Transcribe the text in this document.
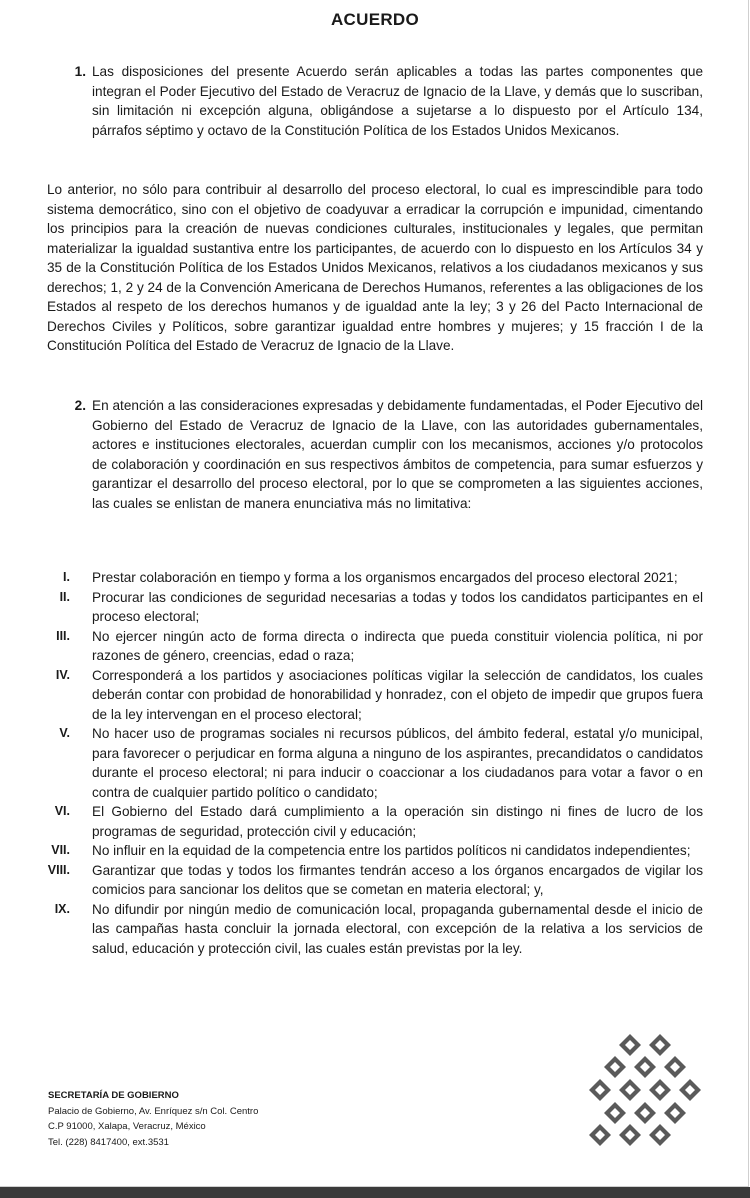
ACUERDO
1. Las disposiciones del presente Acuerdo serán aplicables a todas las partes componentes que integran el Poder Ejecutivo del Estado de Veracruz de Ignacio de la Llave, y demás que lo suscriban, sin limitación ni excepción alguna, obligándose a sujetarse a lo dispuesto por el Artículo 134, párrafos séptimo y octavo de la Constitución Política de los Estados Unidos Mexicanos.
Lo anterior, no sólo para contribuir al desarrollo del proceso electoral, lo cual es imprescindible para todo sistema democrático, sino con el objetivo de coadyuvar a erradicar la corrupción e impunidad, cimentando los principios para la creación de nuevas condiciones culturales, institucionales y legales, que permitan materializar la igualdad sustantiva entre los participantes, de acuerdo con lo dispuesto en los Artículos 34 y 35 de la Constitución Política de los Estados Unidos Mexicanos, relativos a los ciudadanos mexicanos y sus derechos; 1, 2 y 24 de la Convención Americana de Derechos Humanos, referentes a las obligaciones de los Estados al respeto de los derechos humanos y de igualdad ante la ley; 3 y 26 del Pacto Internacional de Derechos Civiles y Políticos, sobre garantizar igualdad entre hombres y mujeres; y 15 fracción I de la Constitución Política del Estado de Veracruz de Ignacio de la Llave.
2. En atención a las consideraciones expresadas y debidamente fundamentadas, el Poder Ejecutivo del Gobierno del Estado de Veracruz de Ignacio de la Llave, con las autoridades gubernamentales, actores e instituciones electorales, acuerdan cumplir con los mecanismos, acciones y/o protocolos de colaboración y coordinación en sus respectivos ámbitos de competencia, para sumar esfuerzos y garantizar el desarrollo del proceso electoral, por lo que se comprometen a las siguientes acciones, las cuales se enlistan de manera enunciativa más no limitativa:
I. Prestar colaboración en tiempo y forma a los organismos encargados del proceso electoral 2021;
II. Procurar las condiciones de seguridad necesarias a todas y todos los candidatos participantes en el proceso electoral;
III. No ejercer ningún acto de forma directa o indirecta que pueda constituir violencia política, ni por razones de género, creencias, edad o raza;
IV. Corresponderá a los partidos y asociaciones políticas vigilar la selección de candidatos, los cuales deberán contar con probidad de honorabilidad y honradez, con el objeto de impedir que grupos fuera de la ley intervengan en el proceso electoral;
V. No hacer uso de programas sociales ni recursos públicos, del ámbito federal, estatal y/o municipal, para favorecer o perjudicar en forma alguna a ninguno de los aspirantes, precandidatos o candidatos durante el proceso electoral; ni para inducir o coaccionar a los ciudadanos para votar a favor o en contra de cualquier partido político o candidato;
VI. El Gobierno del Estado dará cumplimiento a la operación sin distingo ni fines de lucro de los programas de seguridad, protección civil y educación;
VII. No influir en la equidad de la competencia entre los partidos políticos ni candidatos independientes;
VIII. Garantizar que todas y todos los firmantes tendrán acceso a los órganos encargados de vigilar los comicios para sancionar los delitos que se cometan en materia electoral; y,
IX. No difundir por ningún medio de comunicación local, propaganda gubernamental desde el inicio de las campañas hasta concluir la jornada electoral, con excepción de la relativa a los servicios de salud, educación y protección civil, las cuales están previstas por la ley.
SECRETARÍA DE GOBIERNO
Palacio de Gobierno, Av. Enríquez s/n Col. Centro
C.P 91000, Xalapa, Veracruz, México
Tel. (228) 8417400, ext.3531
